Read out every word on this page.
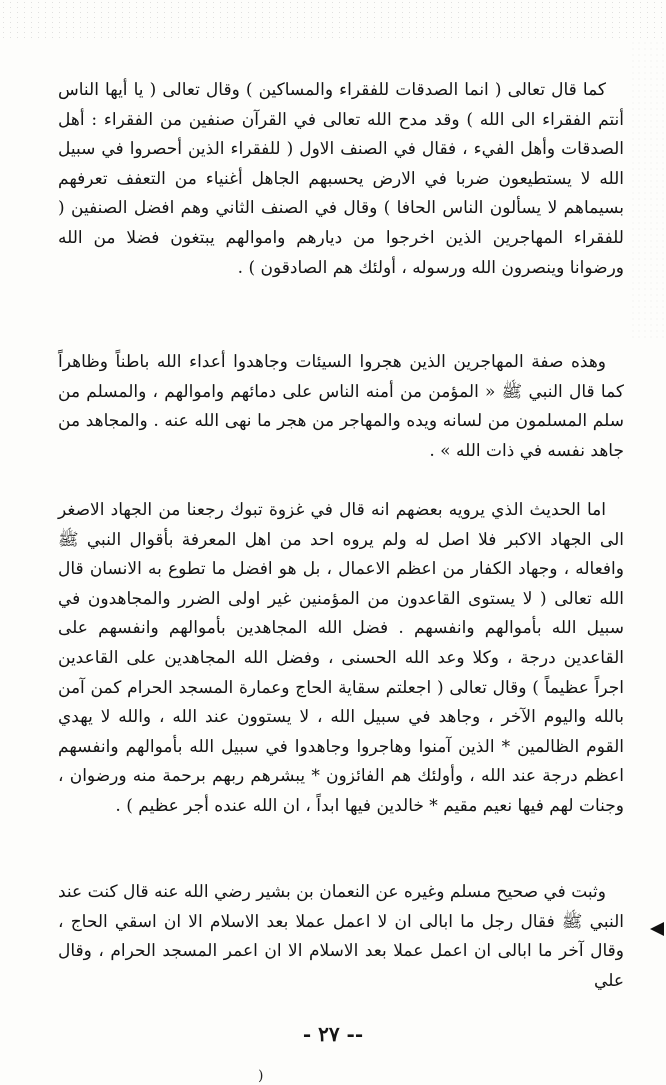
كما قال تعالى ( انما الصدقات للفقراء والمساكين ) وقال تعالى ( يا أيها الناس أنتم الفقراء الى الله ) وقد مدح الله تعالى في القرآن صنفين من الفقراء : أهل الصدقات وأهل الفيء ، فقال في الصنف الاول ( للفقراء الذين أحصروا في سبيل الله لا يستطيعون ضربا في الارض يحسبهم الجاهل أغنياء من التعفف تعرفهم بسيماهم لا يسألون الناس الحافا ) وقال في الصنف الثاني وهم افضل الصنفين ( للفقراء المهاجرين الذين اخرجوا من ديارهم واموالهم يبتغون فضلا من الله ورضوانا وينصرون الله ورسوله ، أولئك هم الصادقون ) .

وهذه صفة المهاجرين الذين هجروا السيئات وجاهدوا أعداء الله باطناً وظاهراً كما قال النبي ﷺ « المؤمن من أمنه الناس على دمائهم واموالهم ، والمسلم من سلم المسلمون من لسانه ويده والمهاجر من هجر ما نهى الله عنه . والمجاهد من جاهد نفسه في ذات الله » .

اما الحديث الذي يرويه بعضهم انه قال في غزوة تبوك رجعنا من الجهاد الاصغر الى الجهاد الاكبر فلا اصل له ولم يروه احد من اهل المعرفة بأقوال النبي ﷺ وافعاله ، وجهاد الكفار من اعظم الاعمال ، بل هو افضل ما تطوع به الانسان قال الله تعالى ( لا يستوى القاعدون من المؤمنين غير اولى الضرر والمجاهدون في سبيل الله بأموالهم وانفسهم . فضل الله المجاهدين بأموالهم وانفسهم على القاعدين درجة ، وكلا وعد الله الحسنى ، وفضل الله المجاهدين على القاعدين اجراً عظيماً ) وقال تعالى ( اجعلتم سقاية الحاج وعمارة المسجد الحرام كمن آمن بالله واليوم الآخر ، وجاهد في سبيل الله ، لا يستوون عند الله ، والله لا يهدي القوم الظالمين * الذين آمنوا وهاجروا وجاهدوا في سبيل الله بأموالهم وانفسهم اعظم درجة عند الله ، وأولئك هم الفائزون * يبشرهم ربهم برحمة منه ورضوان ، وجنات لهم فيها نعيم مقيم * خالدين فيها ابداً ، ان الله عنده أجر عظيم ) .

وثبت في صحيح مسلم وغيره عن النعمان بن بشير رضي الله عنه قال كنت عند النبي ﷺ فقال رجل ما ابالى ان لا اعمل عملا بعد الاسلام الا ان اسقي الحاج ، وقال آخر ما ابالى ان اعمل عملا بعد الاسلام الا ان اعمر المسجد الحرام ، وقال علي

-- ٢٧ -
)
